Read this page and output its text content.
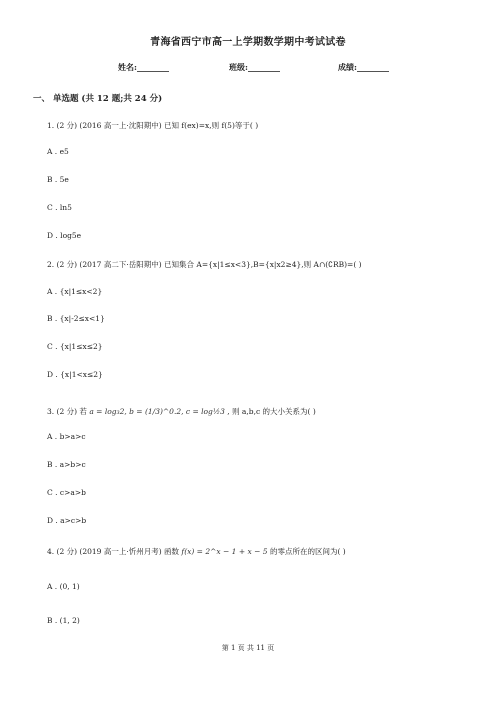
青海省西宁市高一上学期数学期中考试试卷
姓名:________	班级:________	成绩:________
一、 单选题 (共 12 题;共 24 分)
1. (2 分) (2016 高一上·沈阳期中) 已知 f(ex)=x,则 f(5)等于( )
A . e5
B . 5e
C . ln5
D . log5e
2. (2 分) (2017 高二下·岳阳期中) 已知集合 A={x|1≤x<3},B={x|x2≥4},则 A∩(∁RB)=( )
A . {x|1≤x<2}
B . {x|-2≤x<1}
C . {x|1≤x≤2}
D . {x|1<x≤2}
3. (2 分) 若 a = log₃2, b = (1/3)^0.2, c = log½3 , 则 a,b,c 的大小关系为( )
A . b>a>c
B . a>b>c
C . c>a>b
D . a>c>b
4. (2 分) (2019 高一上·忻州月考) 函数 f(x) = 2^x − 1 + x − 5 的零点所在的区间为( )
A . (0, 1)
B . (1, 2)
第 1 页 共 11 页
